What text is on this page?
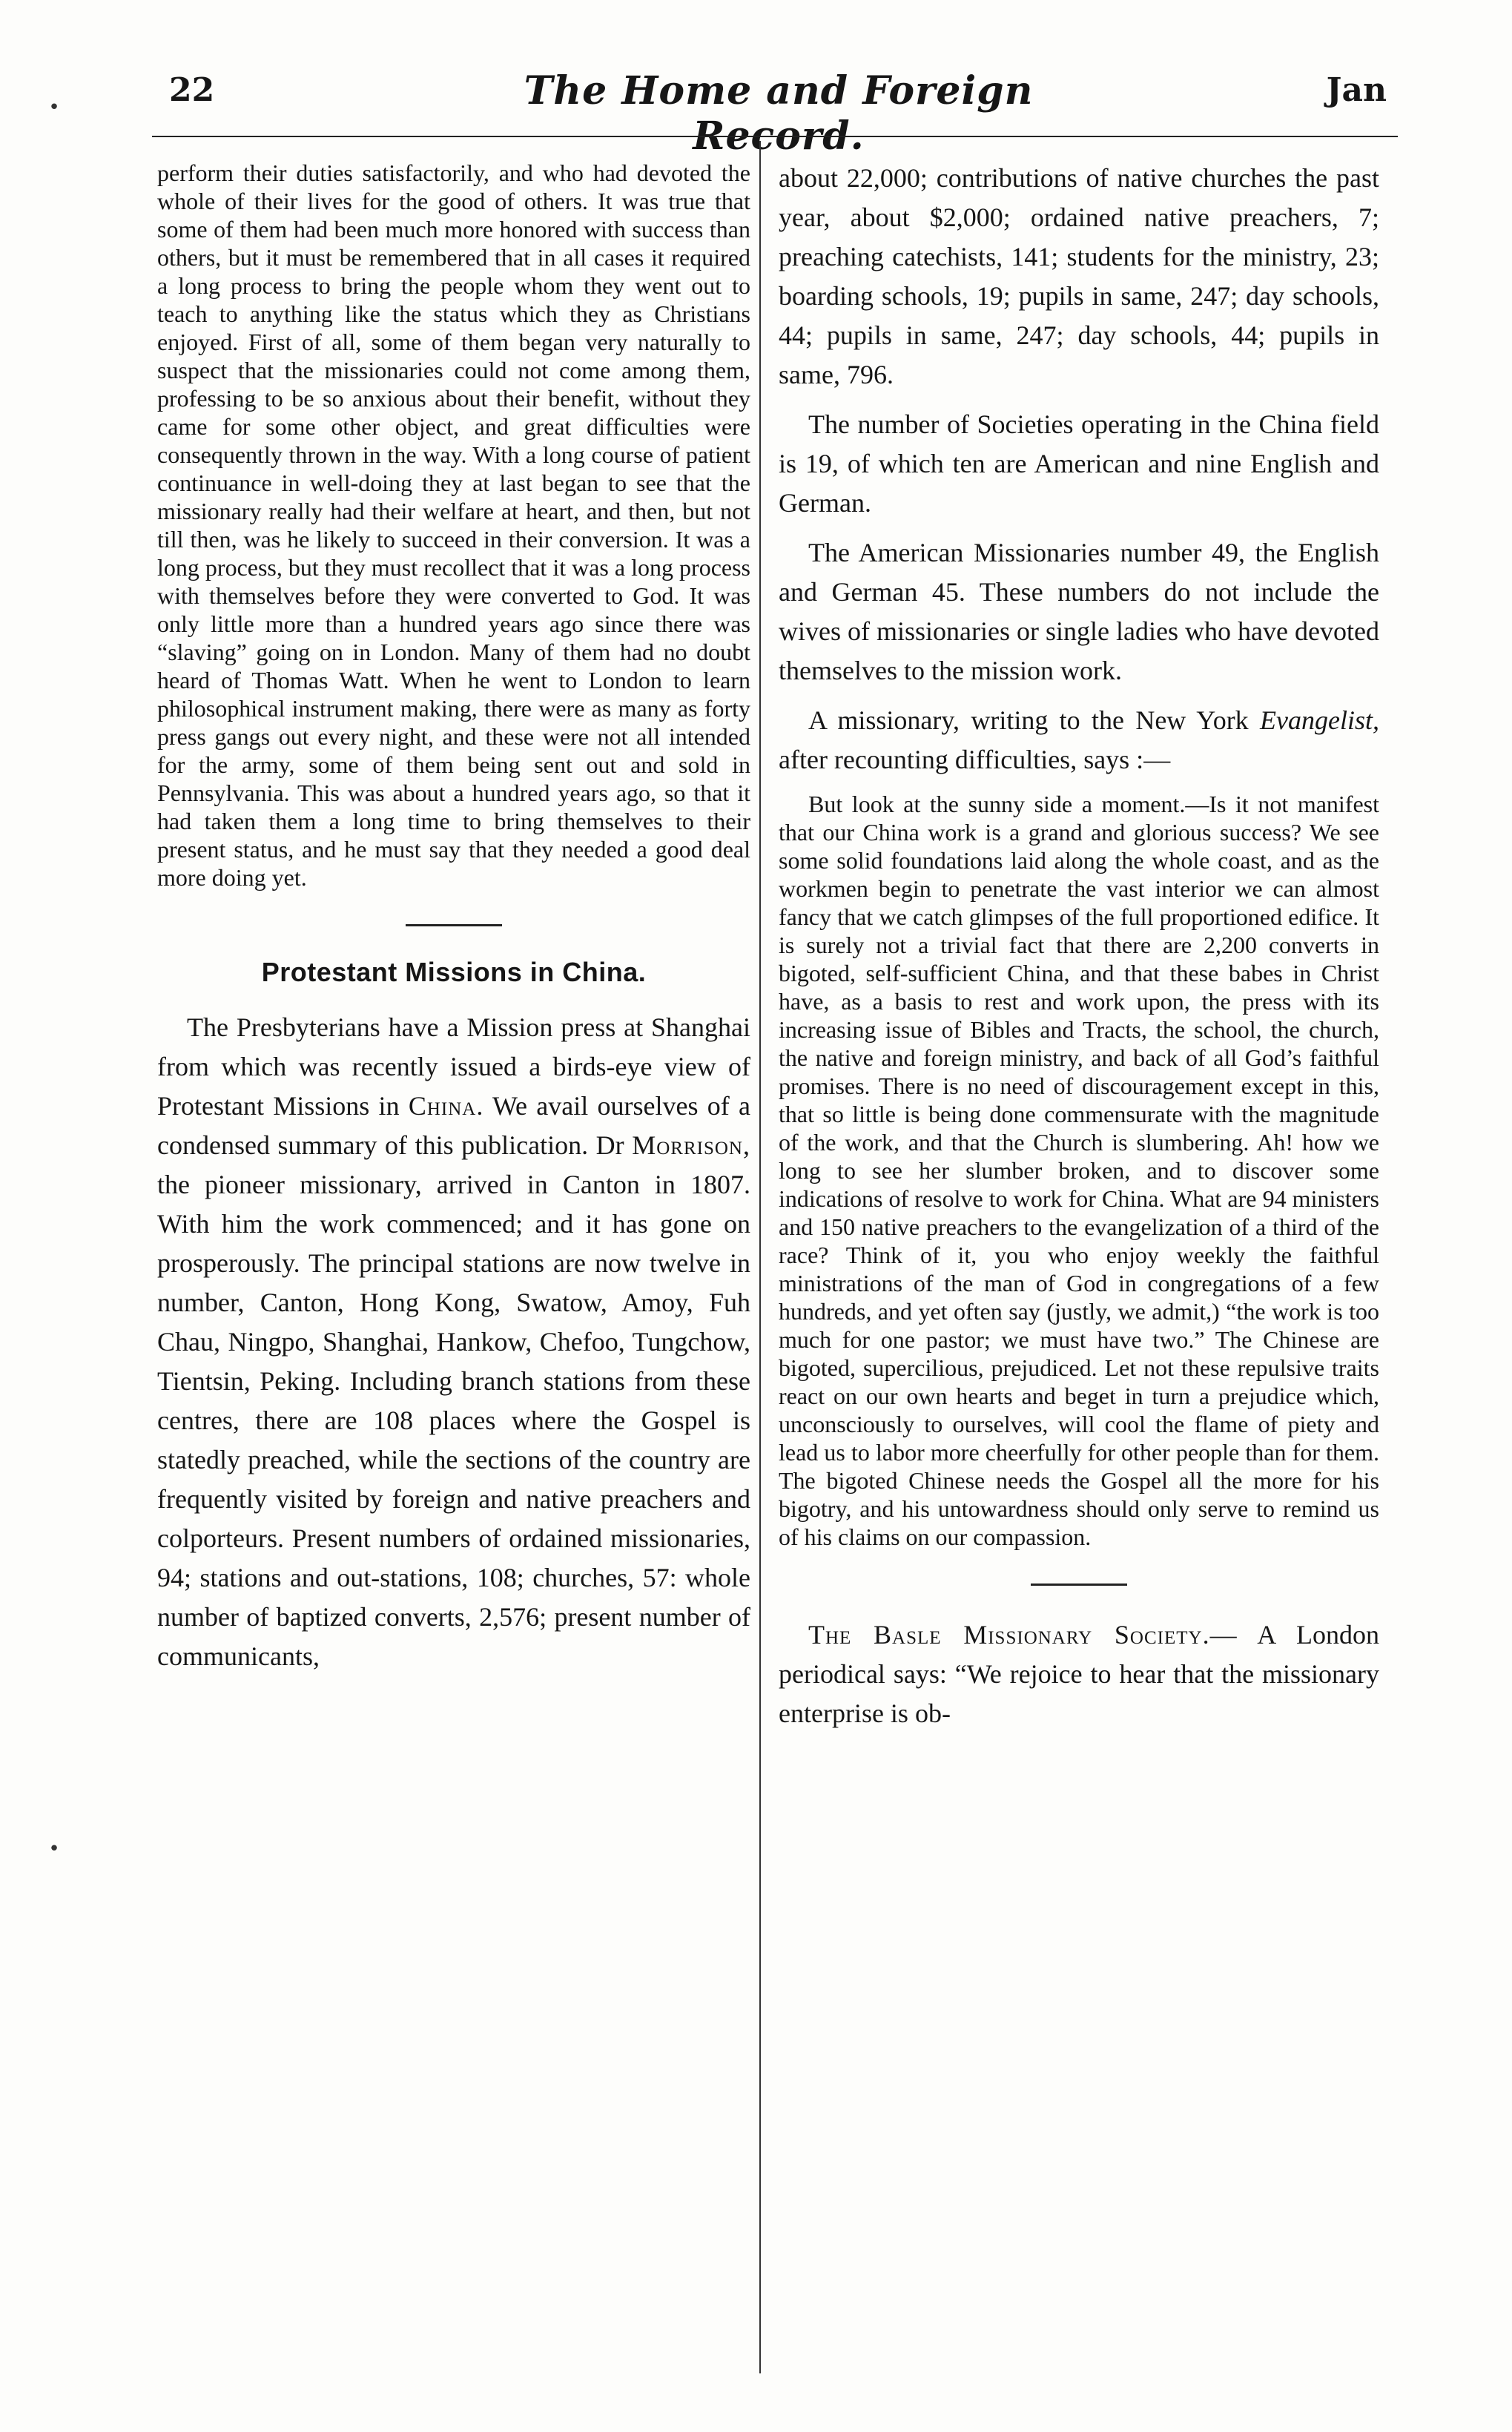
22	The Home and Foreign Record.
Jan
•
•

perform their duties satisfactorily, and who had devoted the whole of their lives for the good of others. It was true that some of them had been much more honored with success than others, but it must be remembered that in all cases it required a long process to bring the people whom they went out to teach to anything like the status which they as Christians enjoyed. First of all, some of them began very naturally to suspect that the missionaries could not come among them, professing to be so anxious about their benefit, without they came for some other object, and great difficulties were consequently thrown in the way. With a long course of patient continuance in well-doing they at last began to see that the missionary really had their welfare at heart, and then, but not till then, was he likely to succeed in their conversion. It was a long process, but they must recollect that it was a long process with themselves before they were converted to God. It was only little more than a hundred years ago since there was “slaving” going on in London. Many of them had no doubt heard of Thomas Watt. When he went to London to learn philosophical instrument making, there were as many as forty press gangs out every night, and these were not all intended for the army, some of them being sent out and sold in Pennsylvania. This was about a hundred years ago, so that it had taken them a long time to bring themselves to their present status, and he must say that they needed a good deal more doing yet.

Protestant Missions in China.

The Presbyterians have a Mission press at Shanghai from which was recently issued a birds-eye view of Protestant Missions in China. We avail ourselves of a condensed summary of this publication. Dr Morrison, the pioneer missionary, arrived in Canton in 1807. With him the work commenced; and it has gone on prosperously. The principal stations are now twelve in number, Canton, Hong Kong, Swatow, Amoy, Fuh Chau, Ningpo, Shanghai, Hankow, Chefoo, Tungchow, Tientsin, Peking. Including branch stations from these centres, there are 108 places where the Gospel is statedly preached, while the sections of the country are frequently visited by foreign and native preachers and colporteurs. Present numbers of ordained missionaries, 94; stations and out-stations, 108; churches, 57: whole number of baptized converts, 2,576; present number of communicants,

about 22,000; contributions of native churches the past year, about $2,000; ordained native preachers, 7; preaching catechists, 141; students for the ministry, 23; boarding schools, 19; pupils in same, 247; day schools, 44; pupils in same, 247; day schools, 44; pupils in same, 796.

The number of Societies operating in the China field is 19, of which ten are American and nine English and German.

The American Missionaries number 49, the English and German 45. These numbers do not include the wives of missionaries or single ladies who have devoted themselves to the mission work.

A missionary, writing to the New York Evangelist, after recounting difficulties, says :—

But look at the sunny side a moment.—Is it not manifest that our China work is a grand and glorious success? We see some solid foundations laid along the whole coast, and as the workmen begin to penetrate the vast interior we can almost fancy that we catch glimpses of the full proportioned edifice. It is surely not a trivial fact that there are 2,200 converts in bigoted, self-sufficient China, and that these babes in Christ have, as a basis to rest and work upon, the press with its increasing issue of Bibles and Tracts, the school, the church, the native and foreign ministry, and back of all God’s faithful promises. There is no need of discouragement except in this, that so little is being done commensurate with the magnitude of the work, and that the Church is slumbering. Ah! how we long to see her slumber broken, and to discover some indications of resolve to work for China. What are 94 ministers and 150 native preachers to the evangelization of a third of the race? Think of it, you who enjoy weekly the faithful ministrations of the man of God in congregations of a few hundreds, and yet often say (justly, we admit,) “the work is too much for one pastor; we must have two.” The Chinese are bigoted, supercilious, prejudiced. Let not these repulsive traits react on our own hearts and beget in turn a prejudice which, unconsciously to ourselves, will cool the flame of piety and lead us to labor more cheerfully for other people than for them. The bigoted Chinese needs the Gospel all the more for his bigotry, and his untowardness should only serve to remind us of his claims on our compassion.

The Basle Missionary Society.— A London periodical says: “We rejoice to hear that the missionary enterprise is ob-
